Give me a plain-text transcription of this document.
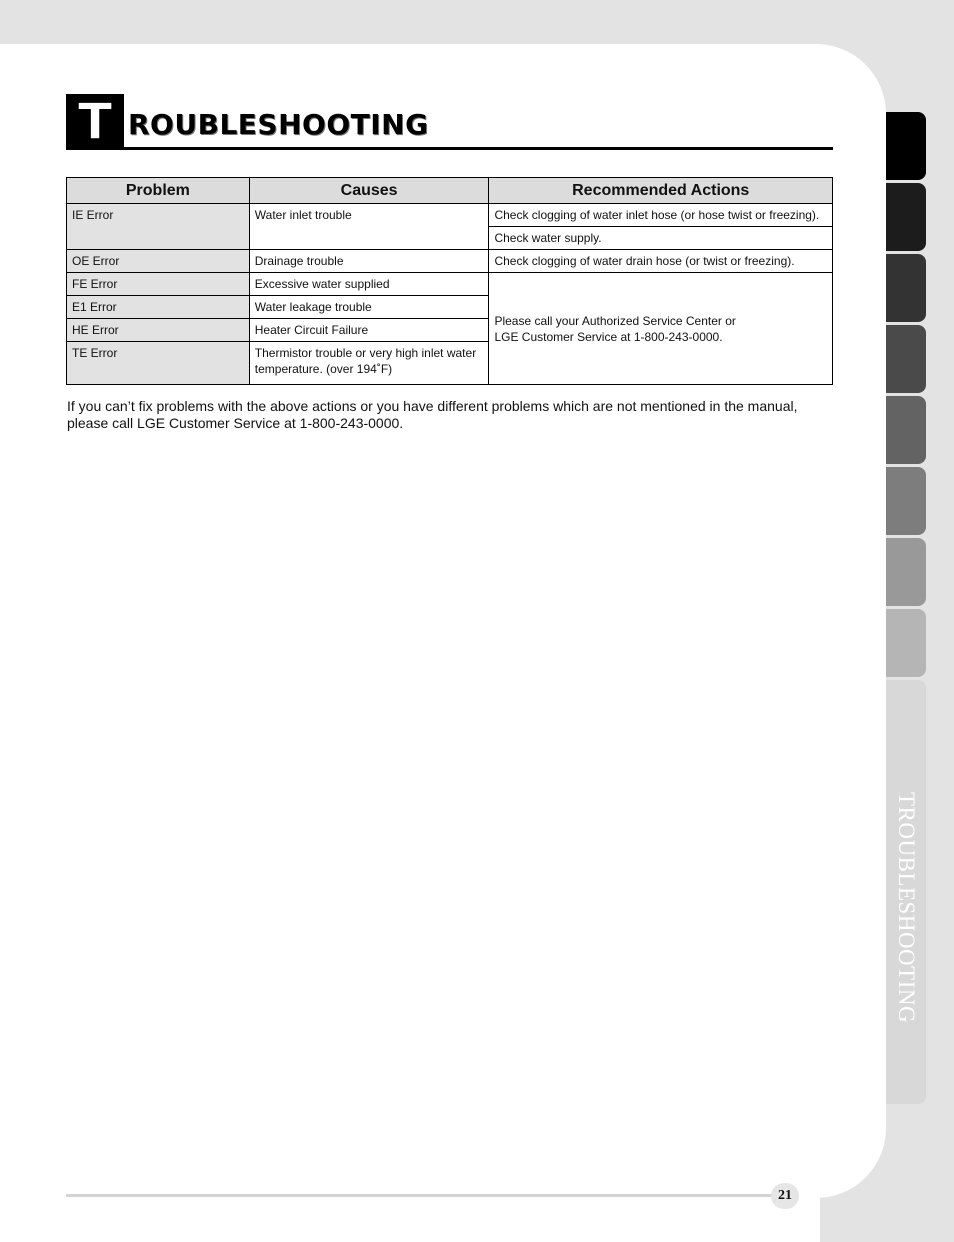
TROUBLESHOOTING
T ROUBLESHOOTING
Problem	Causes	Recommended Actions
IE Error	Water inlet trouble	Check clogging of water inlet hose (or hose twist or freezing).
		Check water supply.
OE Error	Drainage trouble	Check clogging of water drain hose (or twist or freezing).
FE Error	Excessive water supplied	Please call your Authorized Service Center or
LGE Customer Service at 1-800-243-0000.

E1 Error	Water leakage trouble	
HE Error	Heater Circuit Failure	
TE Error	Thermistor trouble or very high inlet water temperature. (over 194˚F)	
If you can’t fix problems with the above actions or you have different problems which are not mentioned in the manual, please call LGE Customer Service at 1-800-243-0000.
21
